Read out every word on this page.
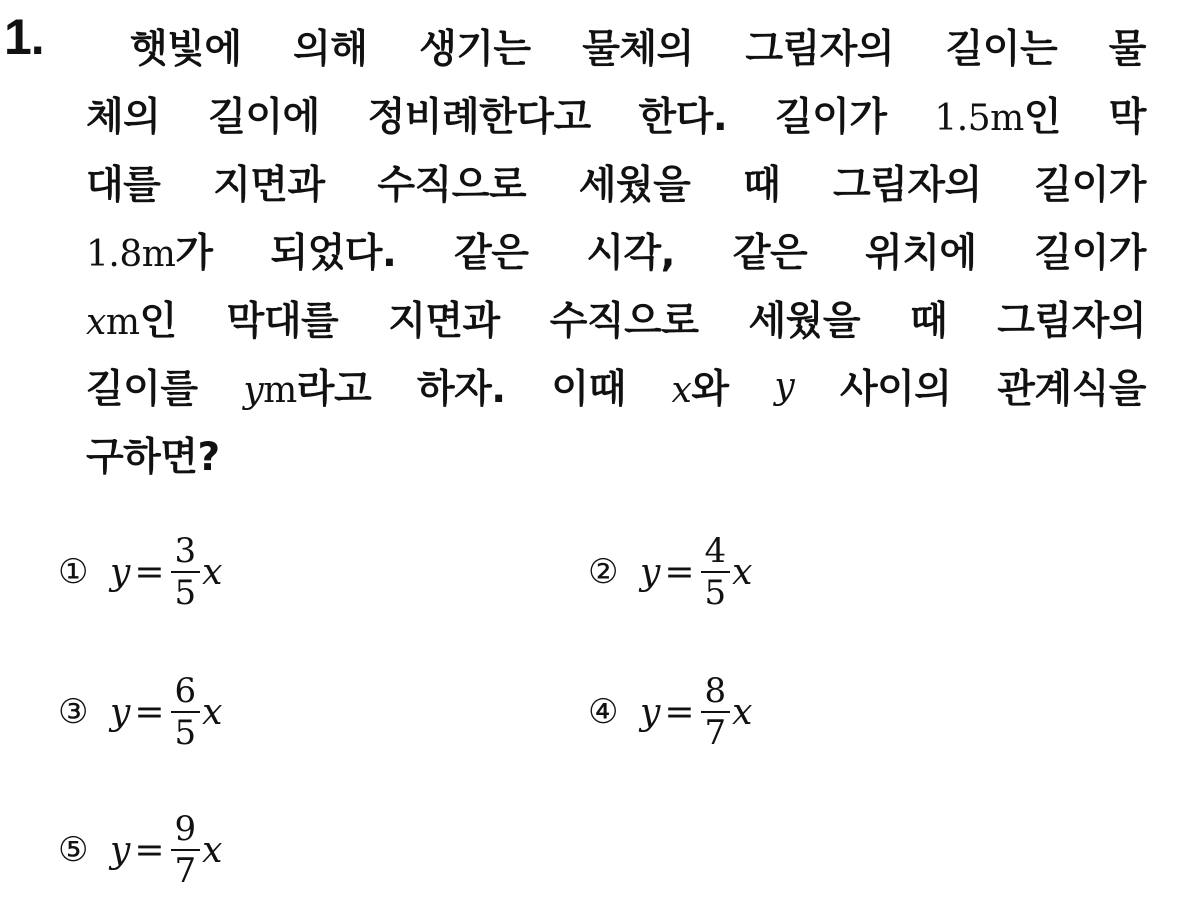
1. 햇빛에 의해 생기는 물체의 그림자의 길이는 물
체의 길이에 정비례한다고 한다. 길이가 1.5m인 막
대를 지면과 수직으로 세웠을 때 그림자의 길이가
1.8m가 되었다. 같은 시각, 같은 위치에 길이가
xm인 막대를 지면과 수직으로 세웠을 때 그림자의
길이를 ym라고 하자. 이때 x와 y 사이의 관계식을
구하면?
① $y = \frac{3}{5}$ x	② $y = \frac{4}{5}$ x
③ $y = \frac{6}{5}$ x	④ $y = \frac{8}{7}$ x
⑤ $y = \frac{9}{7}$ x
